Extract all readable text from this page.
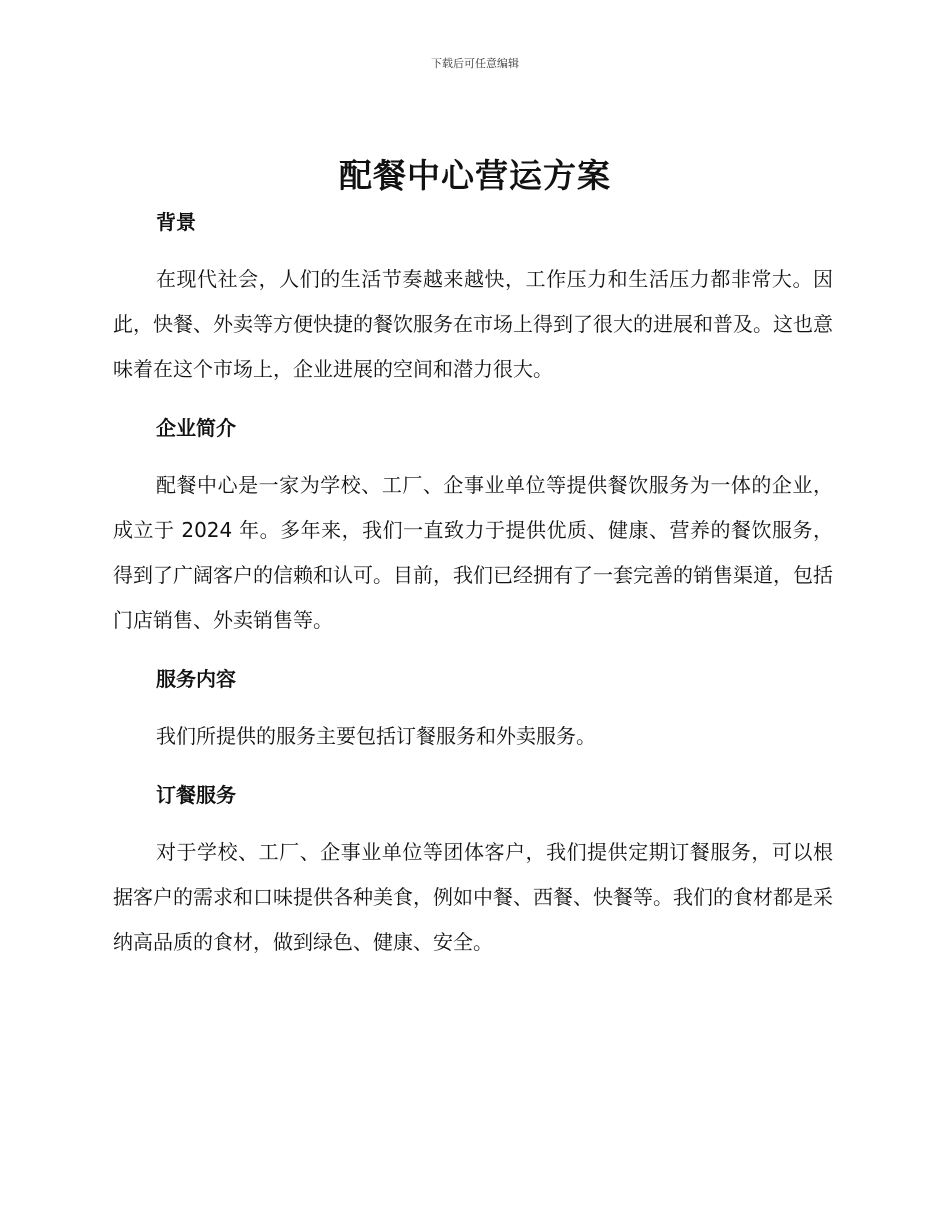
下载后可任意编辑
配餐中心营运方案
背景

在现代社会，人们的生活节奏越来越快，工作压力和生活压力都非常大。因此，快餐、外卖等方便快捷的餐饮服务在市场上得到了很大的进展和普及。这也意味着在这个市场上，企业进展的空间和潜力很大。

企业简介

配餐中心是一家为学校、工厂、企事业单位等提供餐饮服务为一体的企业，成立于 2024 年。多年来，我们一直致力于提供优质、健康、营养的餐饮服务，得到了广阔客户的信赖和认可。目前，我们已经拥有了一套完善的销售渠道，包括门店销售、外卖销售等。

服务内容

我们所提供的服务主要包括订餐服务和外卖服务。

订餐服务

对于学校、工厂、企事业单位等团体客户，我们提供定期订餐服务，可以根据客户的需求和口味提供各种美食，例如中餐、西餐、快餐等。我们的食材都是采纳高品质的食材，做到绿色、健康、安全。
